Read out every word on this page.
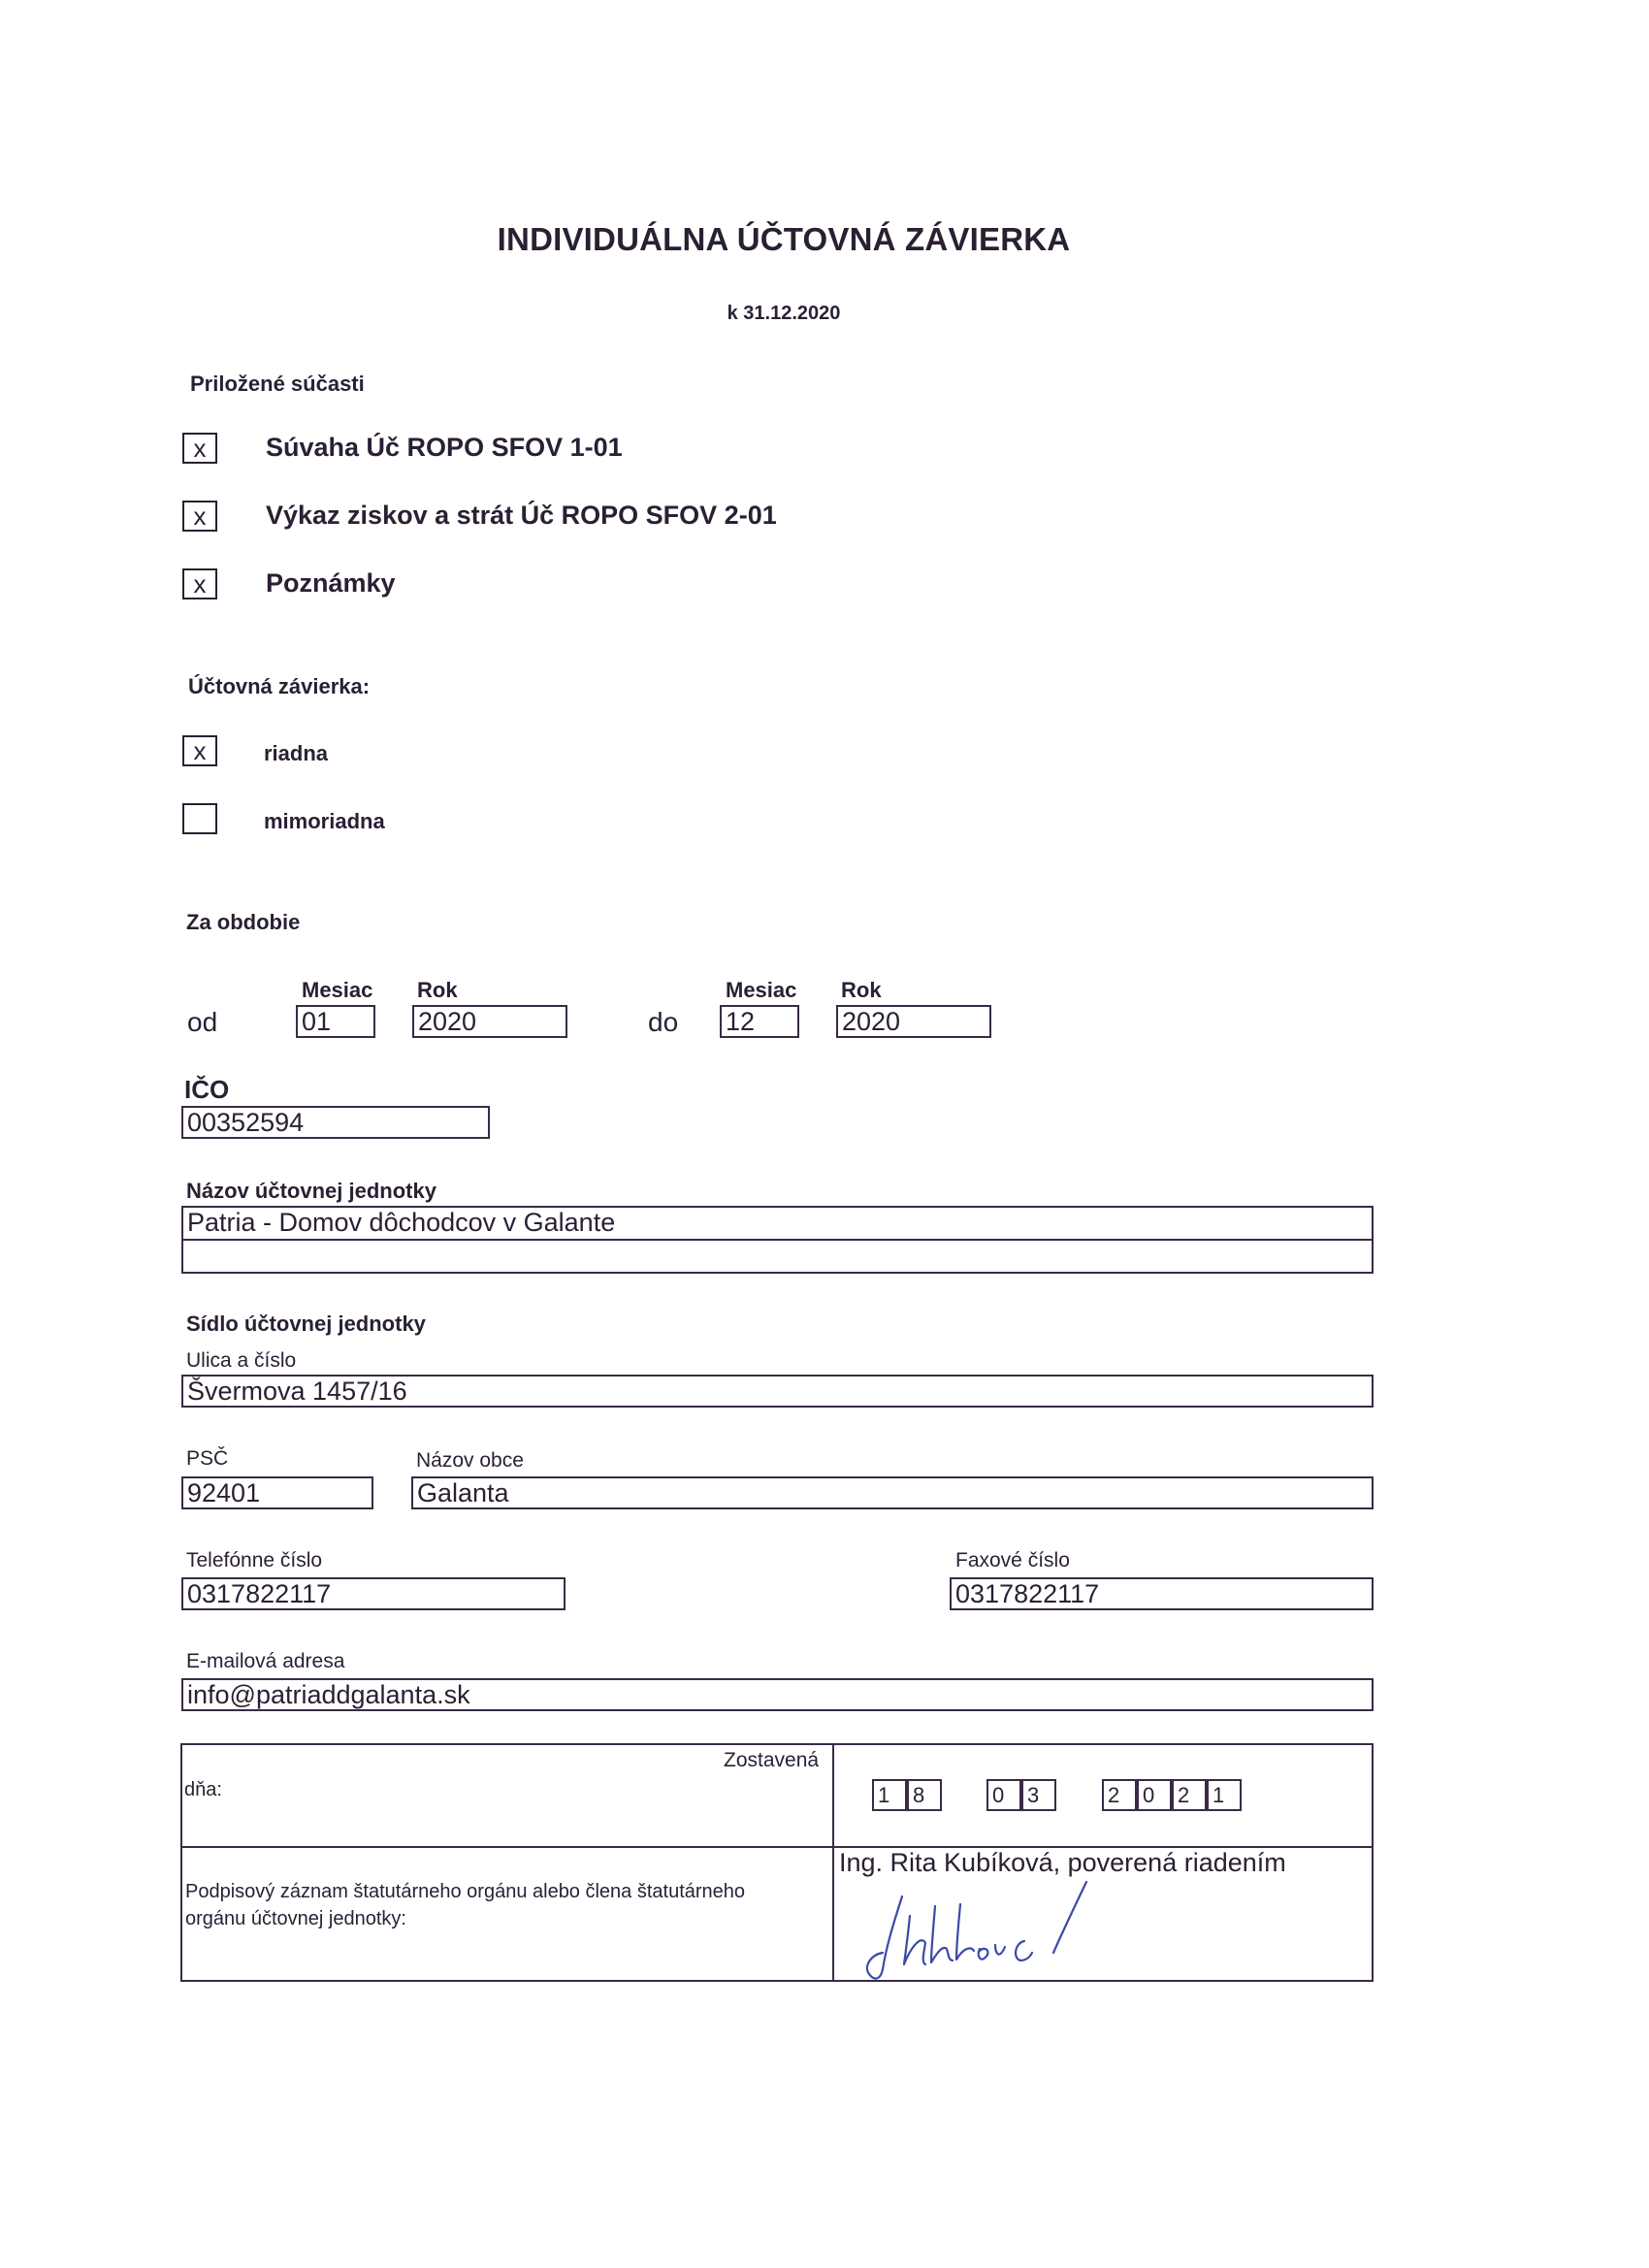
INDIVIDUÁLNA ÚČTOVNÁ ZÁVIERKA
k 31.12.2020
Priložené súčasti
x	Súvaha Úč ROPO SFOV 1-01
x	Výkaz ziskov a strát Úč ROPO SFOV 2-01
x	Poznámky
Účtovná závierka:
x	riadna
mimoriadna
Za obdobie
Mesiac Rok	Mesiac Rok
od	01	2020	do 12	2020
IČO
00352594
Názov účtovnej jednotky
Patria - Domov dôchodcov v Galante
Sídlo účtovnej jednotky
Ulica a číslo
Švermova 1457/16
PSČ
92401
Názov obce
Galanta
Telefónne číslo
0317822117
Faxové číslo
0317822117
E-mailová adresa
info@patriaddgalanta.sk
Zostavená
dňa:	1	8	0	3	2	0	2	1
Podpisový záznam štatutárneho orgánu alebo člena štatutárneho orgánu účtovnej jednotky:
Ing. Rita Kubíková, poverená riadením
